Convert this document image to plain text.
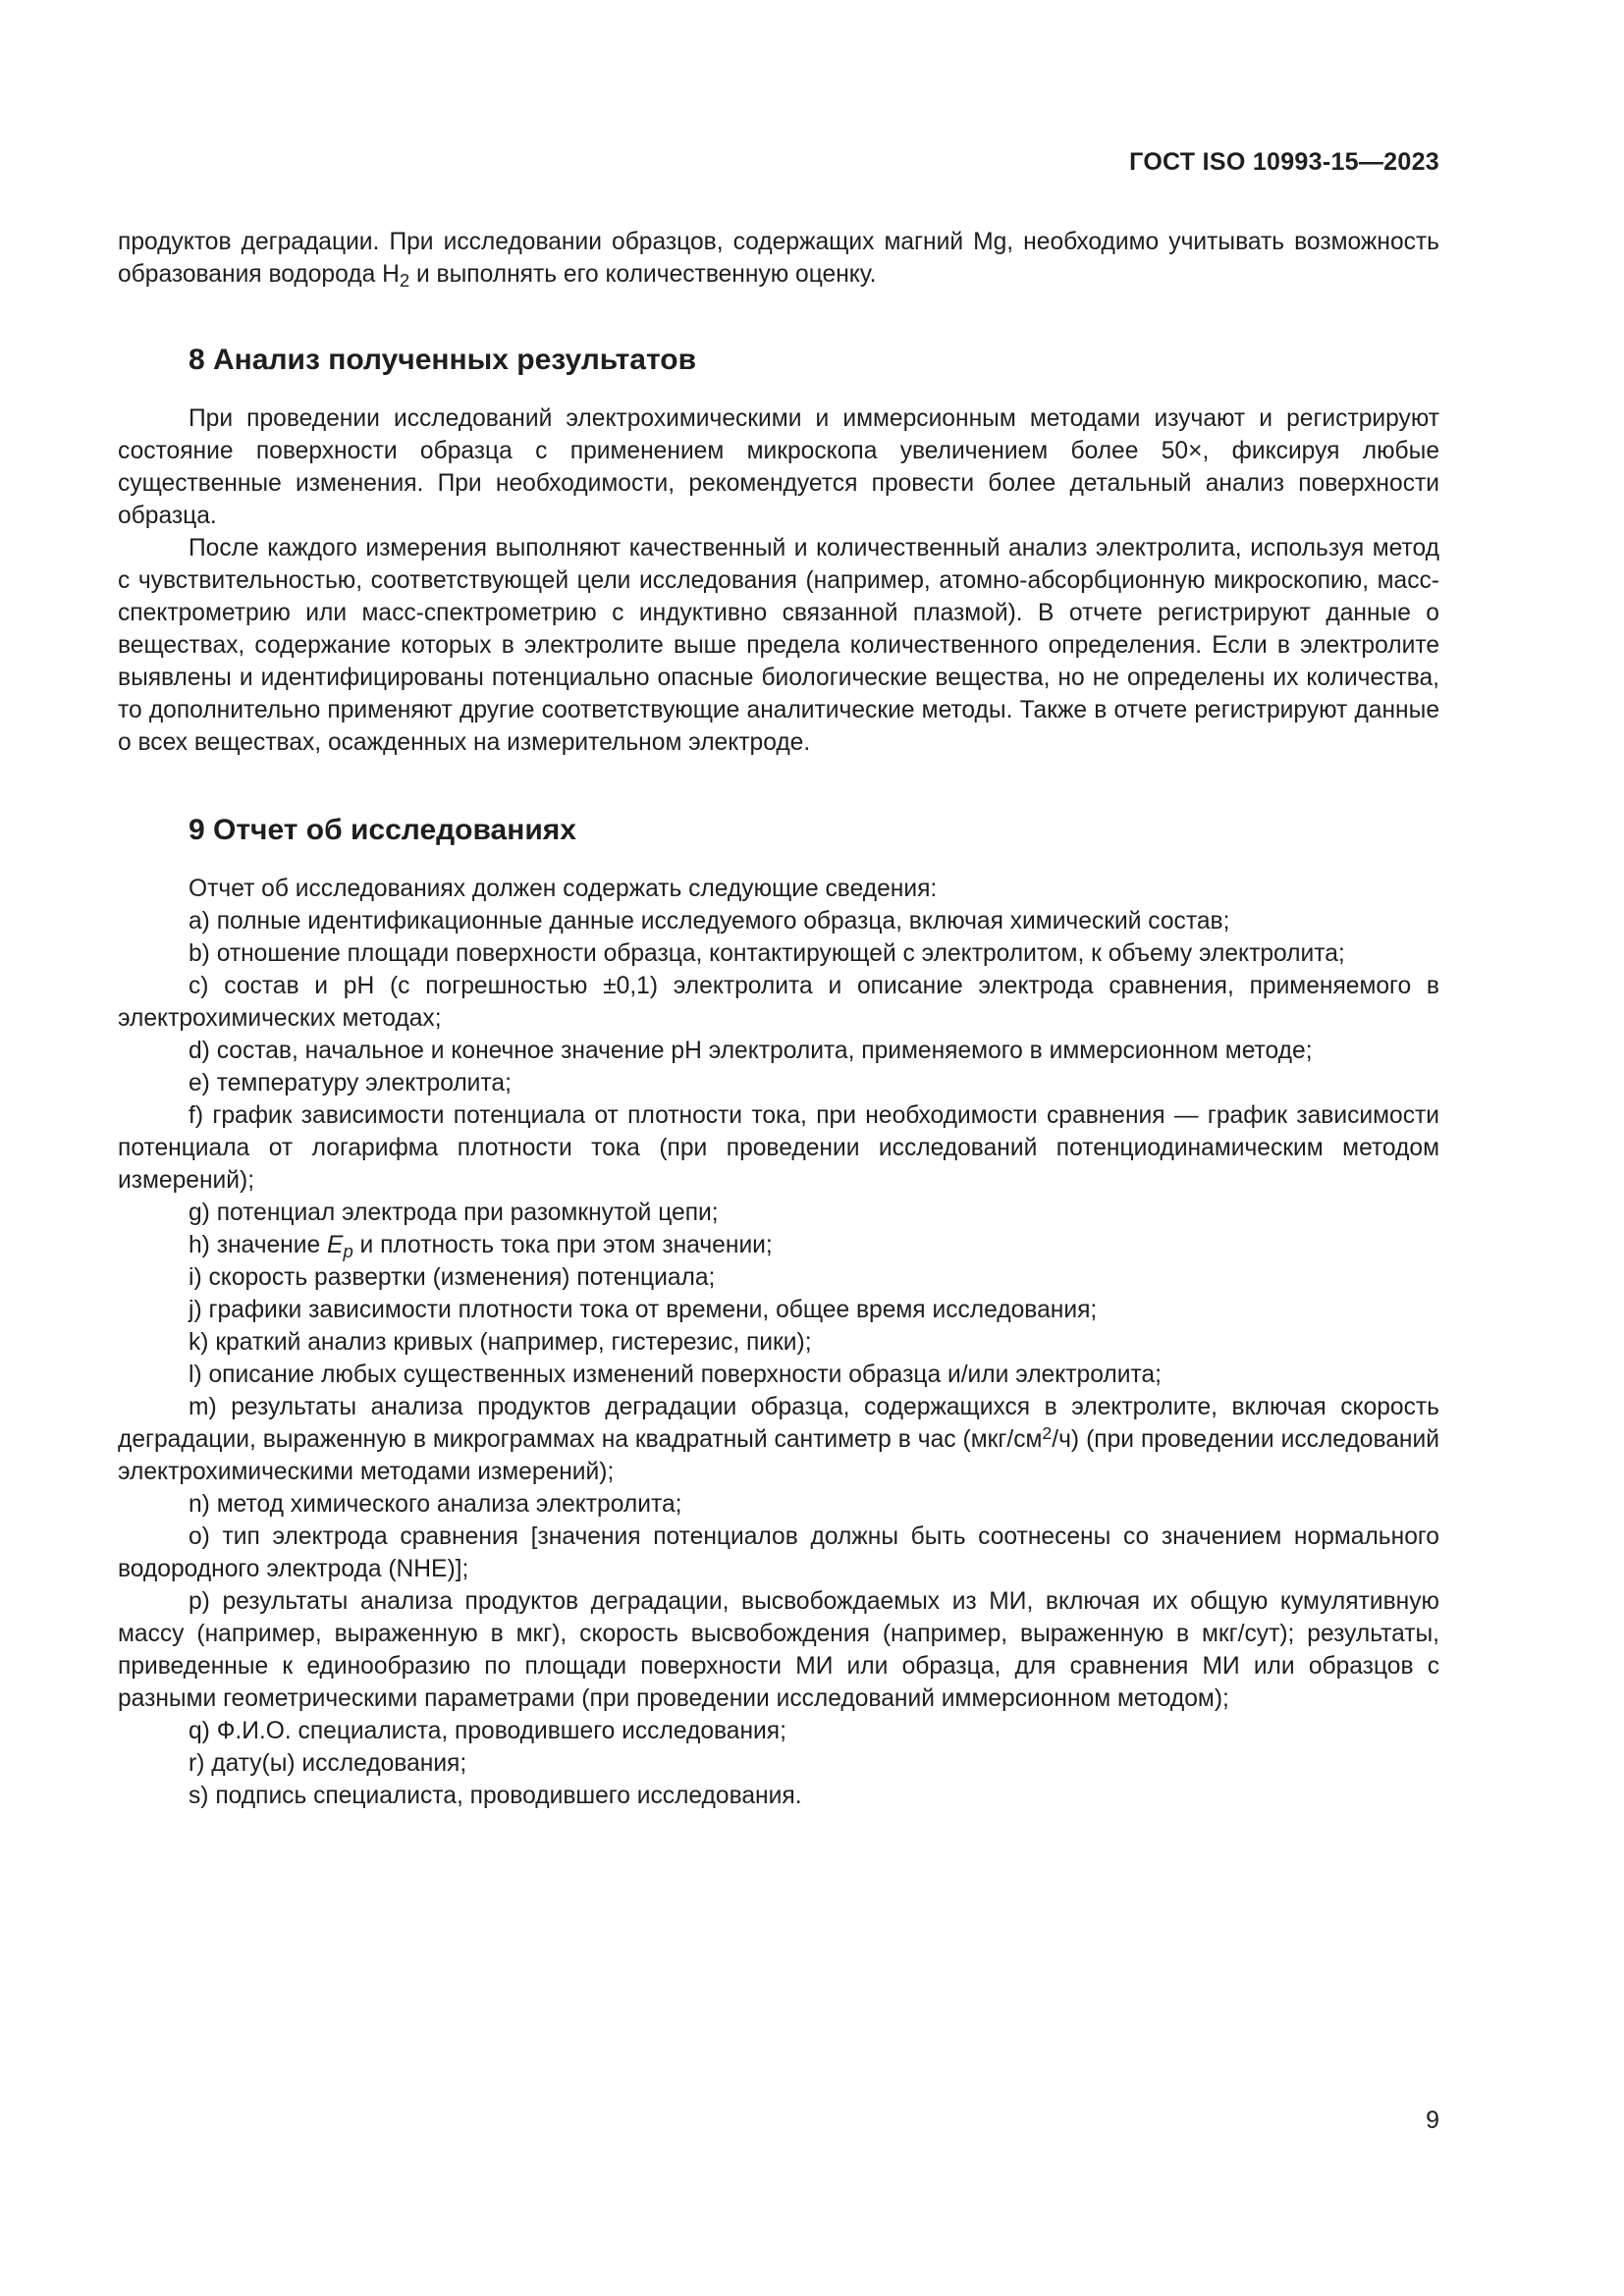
ГОСТ ISO 10993-15—2023

продуктов деградации. При исследовании образцов, содержащих магний Mg, необходимо учитывать возможность образования водорода $H_2$ и выполнять его количественную оценку.

8 Анализ полученных результатов

При проведении исследований электрохимическими и иммерсионным методами изучают и регистрируют состояние поверхности образца с применением микроскопа увеличением более 50×, фиксируя любые существенные изменения. При необходимости, рекомендуется провести более детальный анализ поверхности образца.

После каждого измерения выполняют качественный и количественный анализ электролита, используя метод с чувствительностью, соответствующей цели исследования (например, атомно-абсорбционную микроскопию, масс-спектрометрию или масс-спектрометрию с индуктивно связанной плазмой). В отчете регистрируют данные о веществах, содержание которых в электролите выше предела количественного определения. Если в электролите выявлены и идентифицированы потенциально опасные биологические вещества, но не определены их количества, то дополнительно применяют другие соответствующие аналитические методы. Также в отчете регистрируют данные о всех веществах, осажденных на измерительном электроде.

9 Отчет об исследованиях

Отчет об исследованиях должен содержать следующие сведения:

a) полные идентификационные данные исследуемого образца, включая химический состав;

b) отношение площади поверхности образца, контактирующей с электролитом, к объему электролита;

c) состав и pH (с погрешностью ±0,1) электролита и описание электрода сравнения, применяемого в электрохимических методах;

d) состав, начальное и конечное значение pH электролита, применяемого в иммерсионном методе;

e) температуру электролита;

f) график зависимости потенциала от плотности тока, при необходимости сравнения — график зависимости потенциала от логарифма плотности тока (при проведении исследований потенциодинамическим методом измерений);

g) потенциал электрода при разомкнутой цепи;

h) значение $E_p$ и плотность тока при этом значении;

i) скорость развертки (изменения) потенциала;

j) графики зависимости плотности тока от времени, общее время исследования;

k) краткий анализ кривых (например, гистерезис, пики);

l) описание любых существенных изменений поверхности образца и/или электролита;

m) результаты анализа продуктов деградации образца, содержащихся в электролите, включая скорость деградации, выраженную в микрограммах на квадратный сантиметр в час $(мкг/см^2/ч)$ (при проведении исследований электрохимическими методами измерений);

n) метод химического анализа электролита;

o) тип электрода сравнения [значения потенциалов должны быть соотнесены со значением нормального водородного электрода (NHE)];

p) результаты анализа продуктов деградации, высвобождаемых из МИ, включая их общую кумулятивную массу (например, выраженную в мкг), скорость высвобождения (например, выраженную в мкг/сут); результаты, приведенные к единообразию по площади поверхности МИ или образца, для сравнения МИ или образцов с разными геометрическими параметрами (при проведении исследований иммерсионном методом);

q) Ф.И.О. специалиста, проводившего исследования;

r) дату(ы) исследования;

s) подпись специалиста, проводившего исследования.

9
